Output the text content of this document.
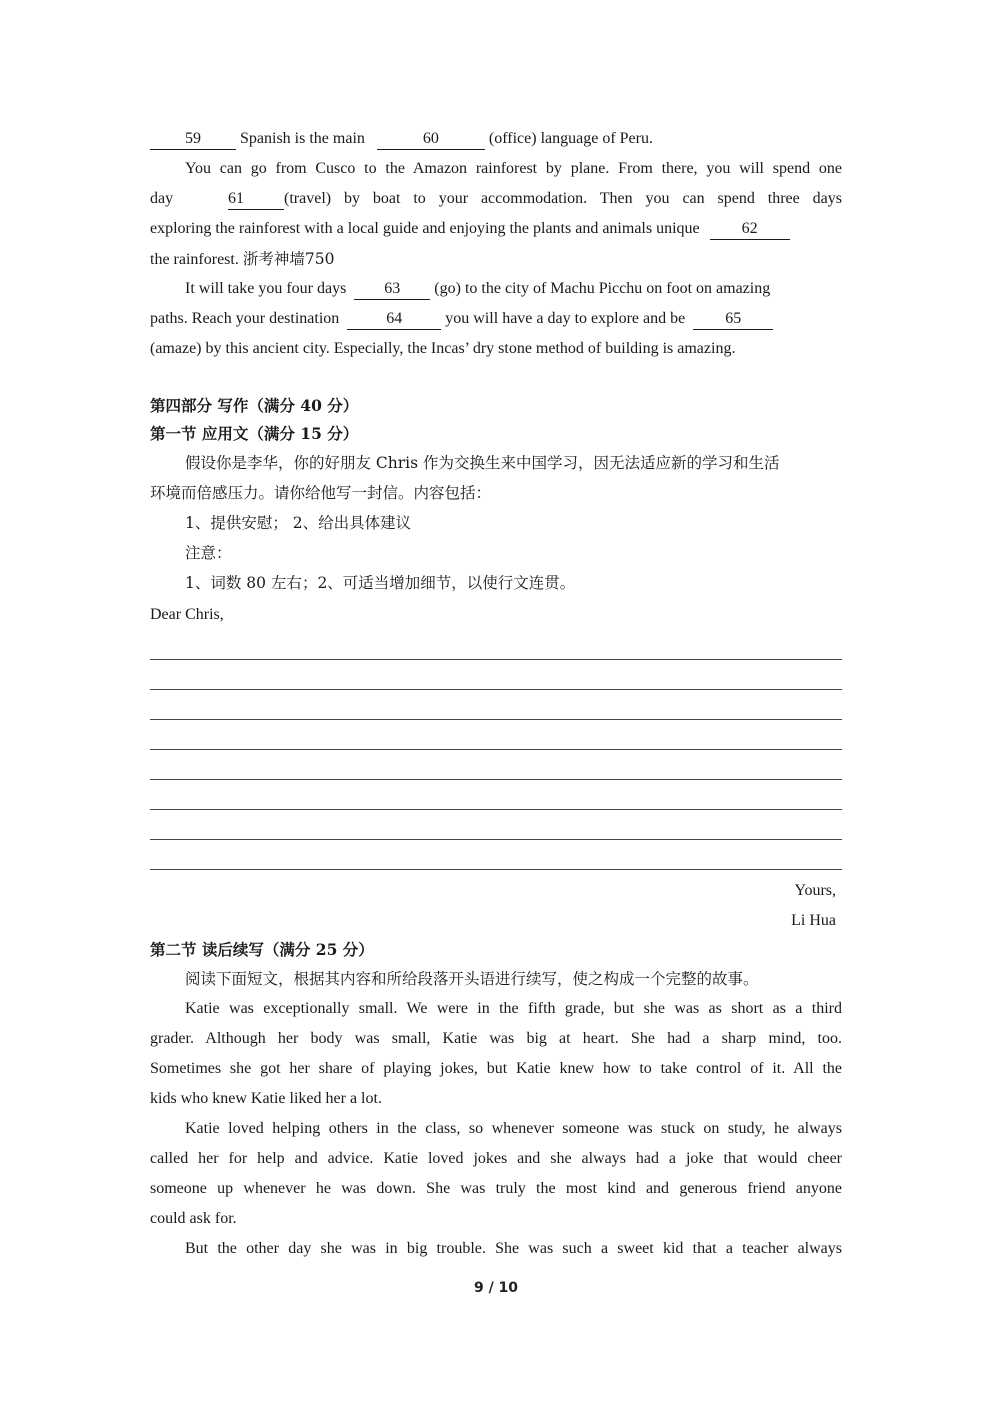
59 Spanish is the main	60	(office) language of Peru.
You can go from Cusco to the Amazon rainforest by plane. From there, you will spend one
day	61	(travel) by boat to your accommodation. Then you can spend three days
exploring the rainforest with a local guide and enjoying the plants and animals unique	62
the rainforest. 浙考神墙750
It will take you four days 63 (go) to the city of Machu Picchu on foot on amazing
paths. Reach your destination	64	you will have a day to explore and be	65
(amaze) by this ancient city. Especially, the Incas’ dry stone method of building is amazing.
第四部分 写作（满分 40 分）
第一节 应用文（满分 15 分）
假设你是李华，你的好朋友 Chris 作为交换生来中国学习，因无法适应新的学习和生活
环境而倍感压力。请你给他写一封信。内容包括：
1、提供安慰； 2、给出具体建议
注意：
1、词数 80 左右；2、可适当增加细节，以使行文连贯。
Dear Chris,
Yours,
Li Hua
第二节 读后续写（满分 25 分）
阅读下面短文，根据其内容和所给段落开头语进行续写，使之构成一个完整的故事。
Katie was exceptionally small. We were in the fifth grade, but she was as short as a third
grader. Although her body was small, Katie was big at heart. She had a sharp mind, too.
Sometimes she got her share of playing jokes, but Katie knew how to take control of it. All the
kids who knew Katie liked her a lot.
Katie loved helping others in the class, so whenever someone was stuck on study, he always
called her for help and advice. Katie loved jokes and she always had a joke that would cheer
someone up whenever he was down. She was truly the most kind and generous friend anyone
could ask for.
But the other day she was in big trouble. She was such a sweet kid that a teacher always
9 / 10
